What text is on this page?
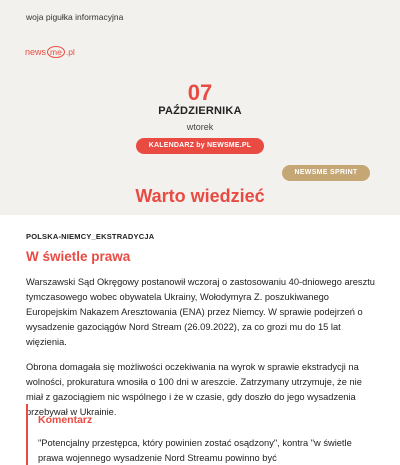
woja pigułka informacyjna
news me .pl
07
PAŹDZIERNIKA
wtorek
KALENDARZ by NEWSME.PL
NEWSME SPRINT
Warto wiedzieć
POLSKA-NIEMCY_EKSTRADYCJA
W świetle prawa

Warszawski Sąd Okręgowy postanowił wczoraj o zastosowaniu 40-dniowego aresztu tymczasowego wobec obywatela Ukrainy, Wołodymyra Z. poszukiwanego Europejskim Nakazem Aresztowania (ENA) przez Niemcy. W sprawie podejrzeń o wysadzenie gazociągów Nord Stream (26.09.2022), za co grozi mu do 15 lat więzienia.

Obrona domagała się możliwości oczekiwania na wyrok w sprawie ekstradycji na wolności, prokuratura wnosiła o 100 dni w areszcie. Zatrzymany utrzymuje, że nie miał z gazociągiem nic wspólnego i że w czasie, gdy doszło do jego wysadzenia przebywał w Ukrainie.

Komentarz
"Potencjalny przestępca, który powinien zostać osądzony", kontra "w świetle prawa wojennego wysadzenie Nord Streamu powinno być
